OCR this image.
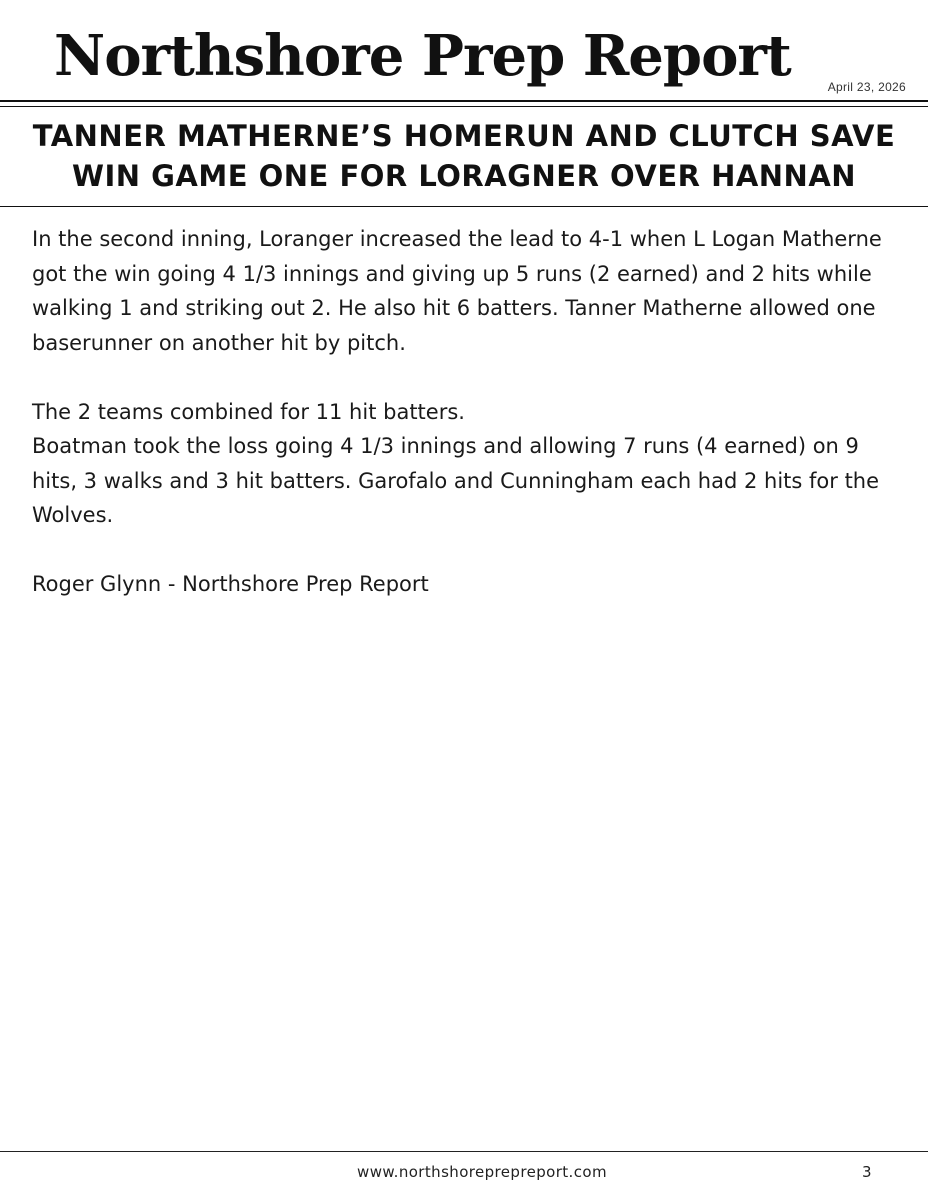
Northshore Prep Report	April 23, 2026
TANNER MATHERNE’S HOMERUN AND CLUTCH SAVE
WIN GAME ONE FOR LORAGNER OVER HANNAN

In the second inning, Loranger increased the lead to 4-1 when L Logan Matherne got the win going 4 1/3 innings and giving up 5 runs (2 earned) and 2 hits while walking 1 and striking out 2. He also hit 6 batters. Tanner Matherne allowed one baserunner on another hit by pitch.

The 2 teams combined for 11 hit batters.

Boatman took the loss going 4 1/3 innings and allowing 7 runs (4 earned) on 9 hits, 3 walks and 3 hit batters. Garofalo and Cunningham each had 2 hits for the Wolves.

Roger Glynn - Northshore Prep Report

www.northshoreprepreport.com	3
